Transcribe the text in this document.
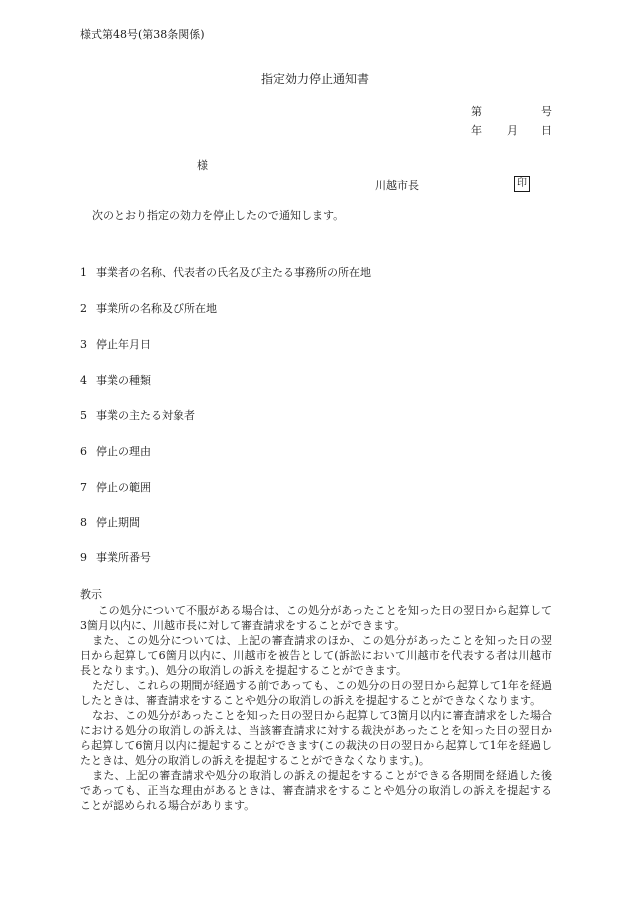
様式第48号(第38条関係)
指定効力停止通知書
第	号
年 月 日
様
川越市長	印
次のとおり指定の効力を停止したので通知します。
1 事業者の名称、代表者の氏名及び主たる事務所の所在地
2 事業所の名称及び所在地
3 停止年月日
4 事業の種類
5 事業の主たる対象者
6 停止の理由
7 停止の範囲
8 停止期間
9 事業所番号
教示

この処分について不服がある場合は、この処分があったことを知った日の翌日から起算して3箇月以内に、川越市長に対して審査請求をすることができます。

また、この処分については、上記の審査請求のほか、この処分があったことを知った日の翌日から起算して6箇月以内に、川越市を被告として(訴訟において川越市を代表する者は川越市長となります。)、処分の取消しの訴えを提起することができます。

ただし、これらの期間が経過する前であっても、この処分の日の翌日から起算して1年を経過したときは、審査請求をすることや処分の取消しの訴えを提起することができなくなります。

なお、この処分があったことを知った日の翌日から起算して3箇月以内に審査請求をした場合における処分の取消しの訴えは、当該審査請求に対する裁決があったことを知った日の翌日から起算して6箇月以内に提起することができます(この裁決の日の翌日から起算して1年を経過したときは、処分の取消しの訴えを提起することができなくなります。)。

また、上記の審査請求や処分の取消しの訴えの提起をすることができる各期間を経過した後であっても、正当な理由があるときは、審査請求をすることや処分の取消しの訴えを提起することが認められる場合があります。
